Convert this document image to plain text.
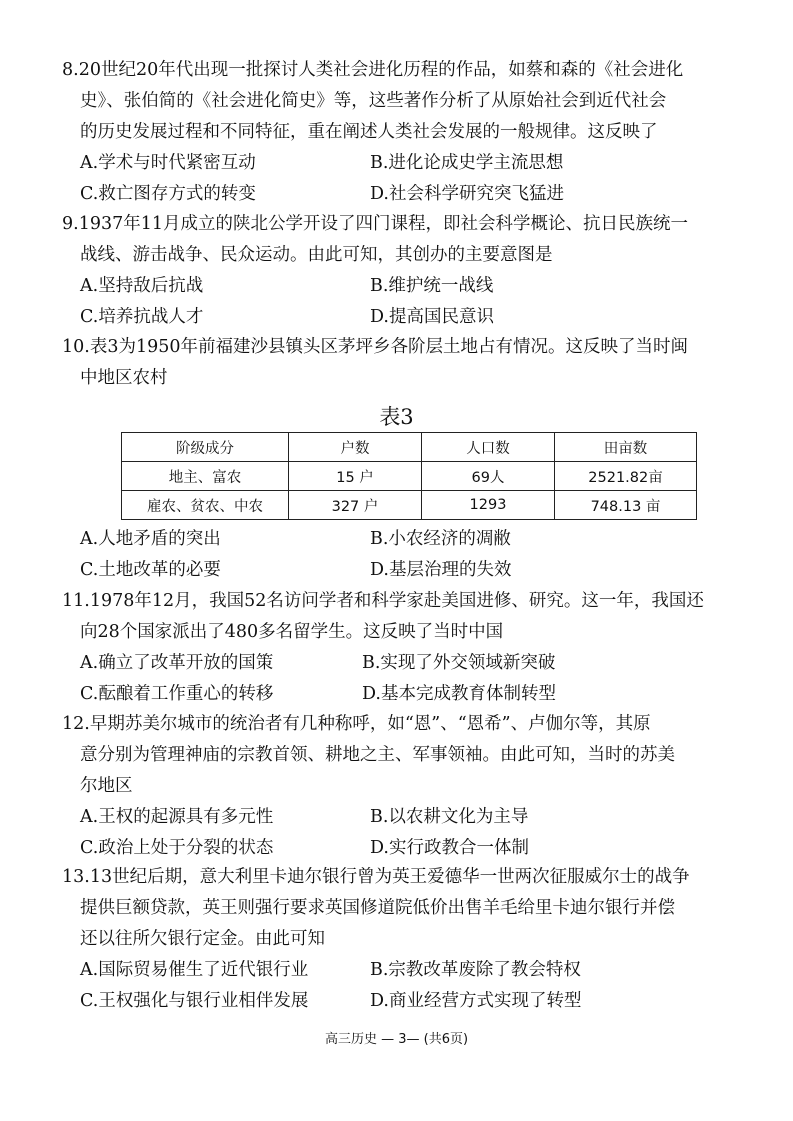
8.20世纪20年代出现一批探讨人类社会进化历程的作品，如蔡和森的《社会进化
史》、张伯简的《社会进化简史》等，这些著作分析了从原始社会到近代社会
的历史发展过程和不同特征，重在阐述人类社会发展的一般规律。这反映了

A.学术与时代紧密互动	B.进化论成史学主流思想
C.救亡图存方式的转变	D.社会科学研究突飞猛进

9.1937年11月成立的陕北公学开设了四门课程，即社会科学概论、抗日民族统一
战线、游击战争、民众运动。由此可知，其创办的主要意图是

A.坚持敌后抗战	B.维护统一战线
C.培养抗战人才	D.提高国民意识

10.表3为1950年前福建沙县镇头区茅坪乡各阶层土地占有情况。这反映了当时闽
中地区农村

表3
阶级成分	户数	人口数	田亩数
地主、富农	15 户	69人	2521.82亩
雇农、贫农、中农	327 户	1293	748.13 亩
A.人地矛盾的突出	B.小农经济的凋敝
C.土地改革的必要	D.基层治理的失效

11.1978年12月，我国52名访问学者和科学家赴美国进修、研究。这一年，我国还
向28个国家派出了480多名留学生。这反映了当时中国

A.确立了改革开放的国策	B.实现了外交领域新突破
C.酝酿着工作重心的转移	D.基本完成教育体制转型

12.早期苏美尔城市的统治者有几种称呼，如“恩”、“恩希”、卢伽尔等，其原
意分别为管理神庙的宗教首领、耕地之主、军事领袖。由此可知，当时的苏美
尔地区

A.王权的起源具有多元性	B.以农耕文化为主导
C.政治上处于分裂的状态	D.实行政教合一体制

13.13世纪后期，意大利里卡迪尔银行曾为英王爱德华一世两次征服威尔士的战争
提供巨额贷款，英王则强行要求英国修道院低价出售羊毛给里卡迪尔银行并偿
还以往所欠银行定金。由此可知

A.国际贸易催生了近代银行业	B.宗教改革废除了教会特权
C.王权强化与银行业相伴发展	D.商业经营方式实现了转型
高三历史 — 3— (共6页)
